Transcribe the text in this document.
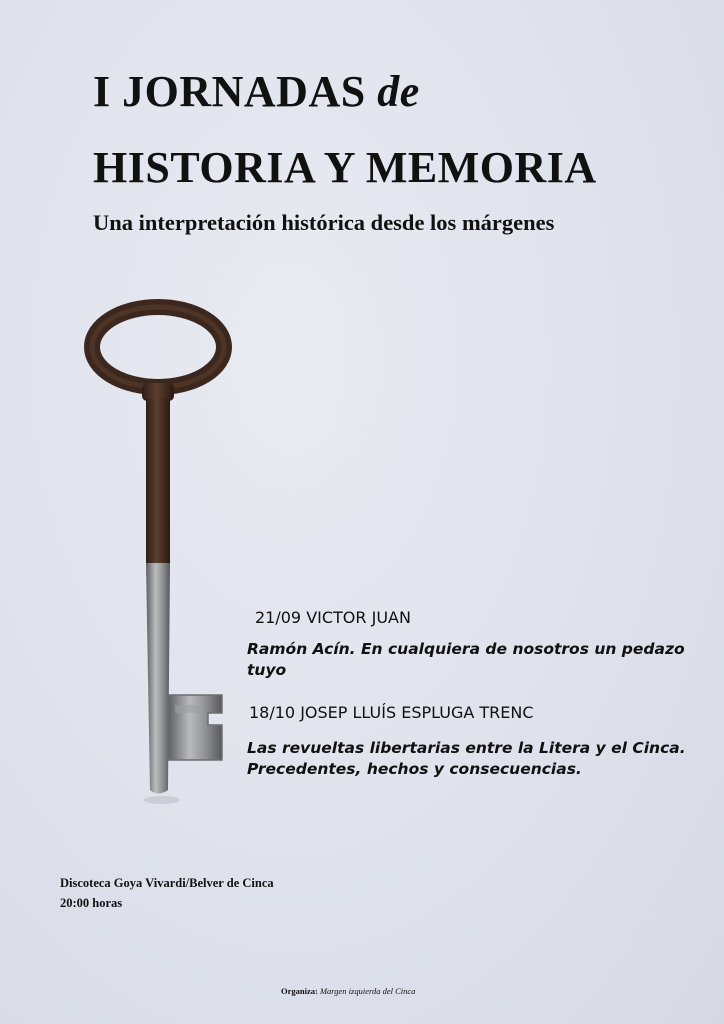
I JORNADAS de
HISTORIA Y MEMORIA
Una interpretación histórica desde los márgenes
21/09 VICTOR JUAN
Ramón Acín. En cualquiera de nosotros un pedazo tuyo
18/10 JOSEP LLUÍS ESPLUGA TRENC
Las revueltas libertarias entre la Litera y el Cinca.
Precedentes, hechos y consecuencias.
Discoteca Goya Vivardi/Belver de Cinca
20:00 horas
Organiza: Margen izquierda del Cinca
